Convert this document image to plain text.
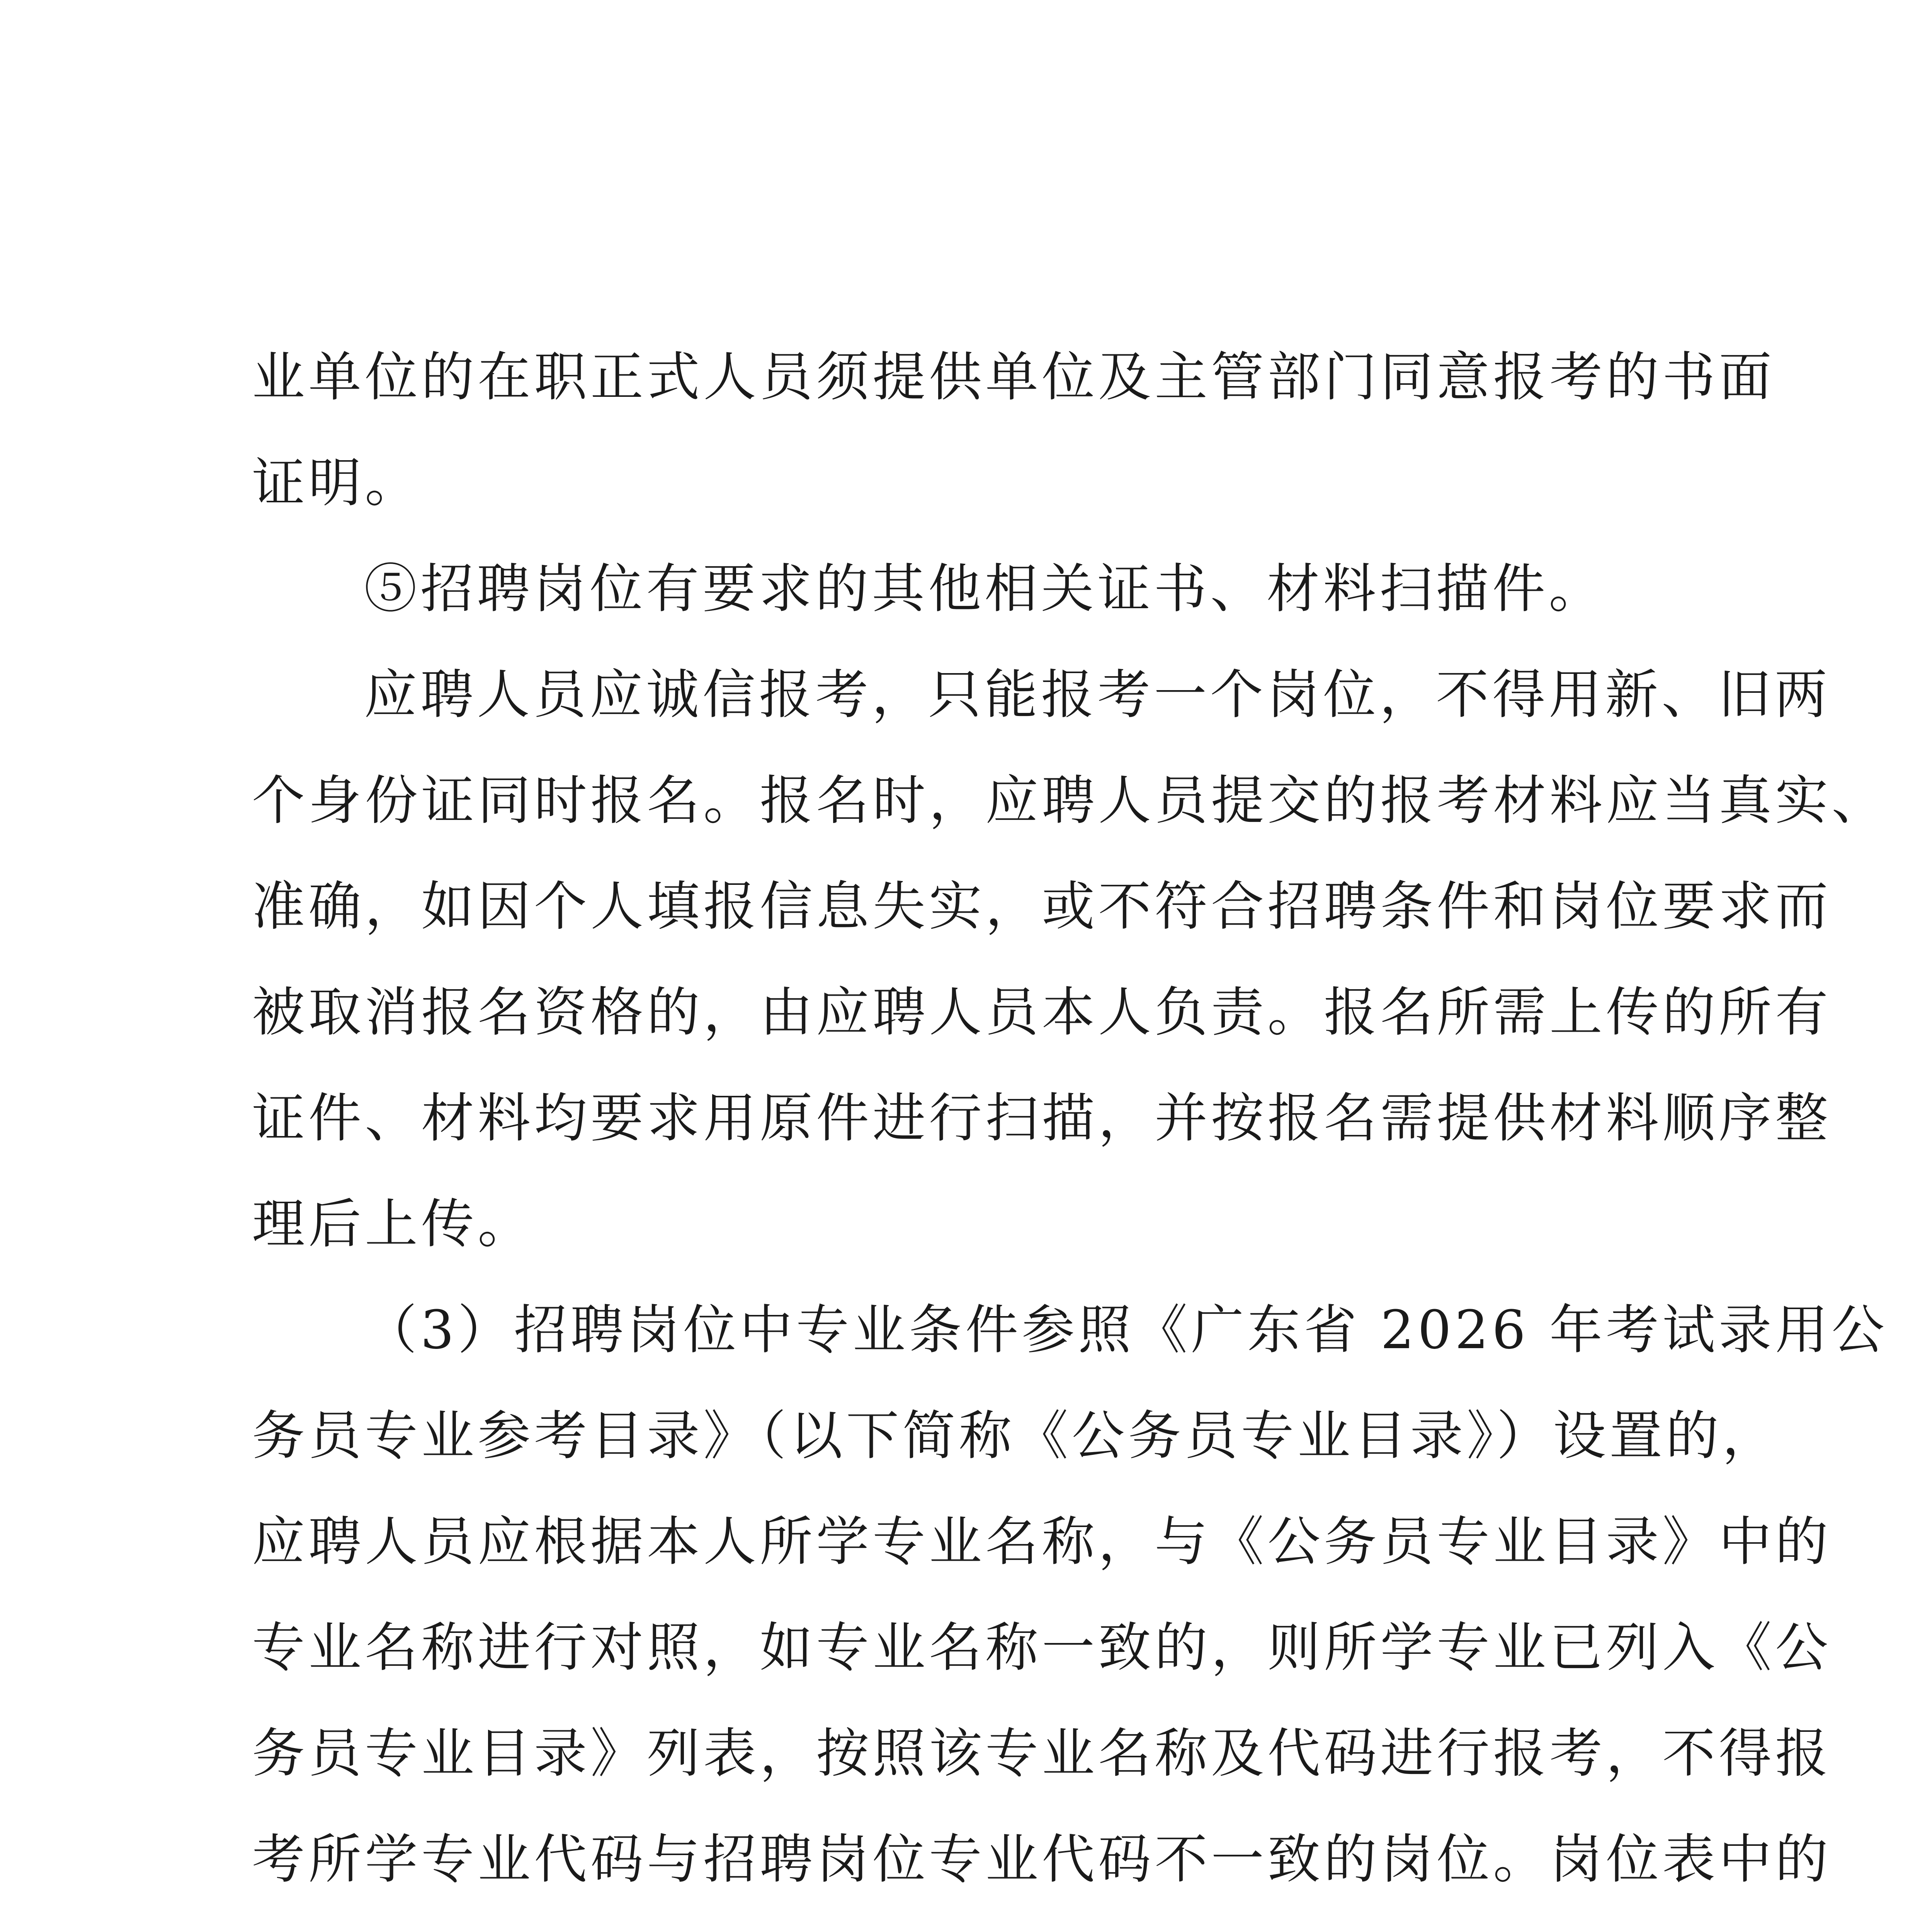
业单位的在职正式人员须提供单位及主管部门同意报考的书面
证明。
⑤招聘岗位有要求的其他相关证书、材料扫描件。
应聘人员应诚信报考，只能报考一个岗位，不得用新、旧两
个身份证同时报名。报名时，应聘人员提交的报考材料应当真实、
准确，如因个人填报信息失实，或不符合招聘条件和岗位要求而
被取消报名资格的，由应聘人员本人负责。报名所需上传的所有
证件、材料均要求用原件进行扫描，并按报名需提供材料顺序整
理后上传。
（3）招聘岗位中专业条件参照《广东省 2026 年考试录用公
务员专业参考目录》（以下简称《公务员专业目录》）设置的，
应聘人员应根据本人所学专业名称，与《公务员专业目录》中的
专业名称进行对照，如专业名称一致的，则所学专业已列入《公
务员专业目录》列表，按照该专业名称及代码进行报考，不得报
考所学专业代码与招聘岗位专业代码不一致的岗位。岗位表中的
